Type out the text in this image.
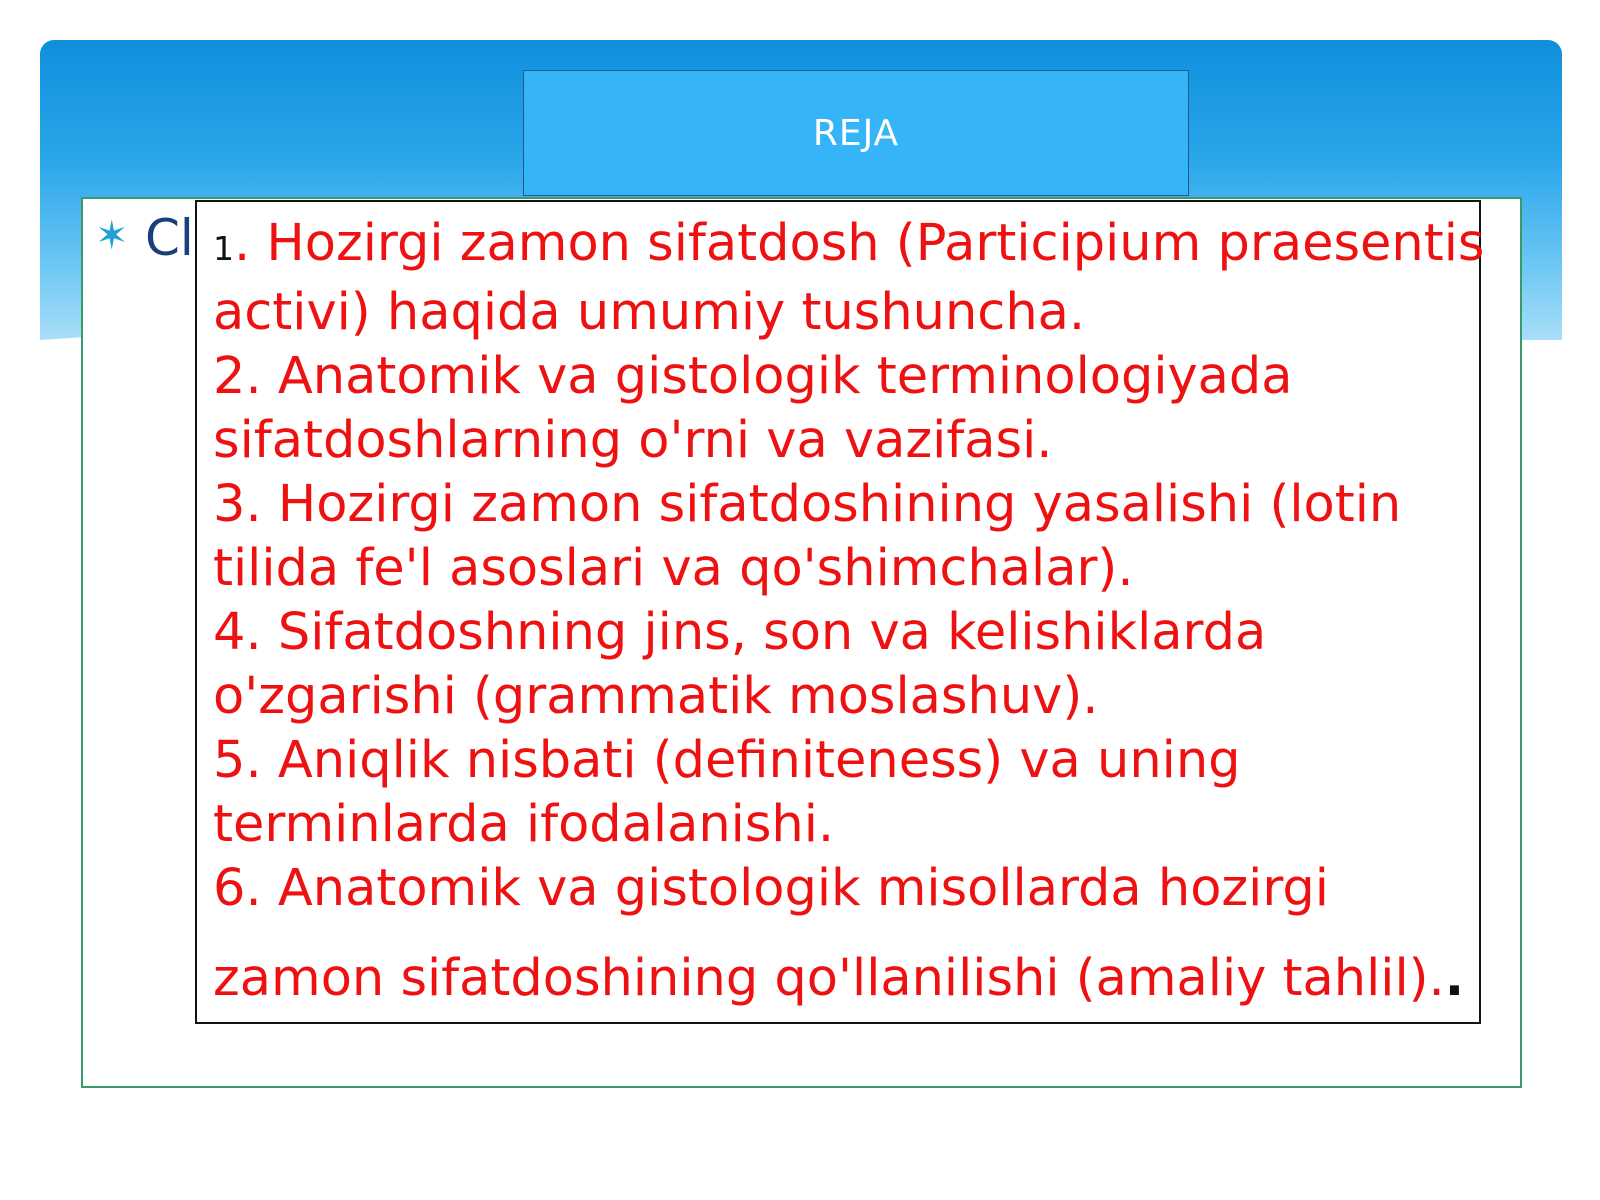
REJA
✶ Cl 1. Hozirgi zamon sifatdosh (Participium praesentis
activi) haqida umumiy tushuncha.
2. Anatomik va gistologik terminologiyada
sifatdoshlarning o'rni va vazifasi.
3. Hozirgi zamon sifatdoshining yasalishi (lotin
tilida fe'l asoslari va qo'shimchalar).
4. Sifatdoshning jins, son va kelishiklarda
o'zgarishi (grammatik moslashuv).
5. Aniqlik nisbati (definiteness) va uning
terminlarda ifodalanishi.
6. Anatomik va gistologik misollarda hozirgi
zamon sifatdoshining qo'llanilishi (amaliy tahlil)..
